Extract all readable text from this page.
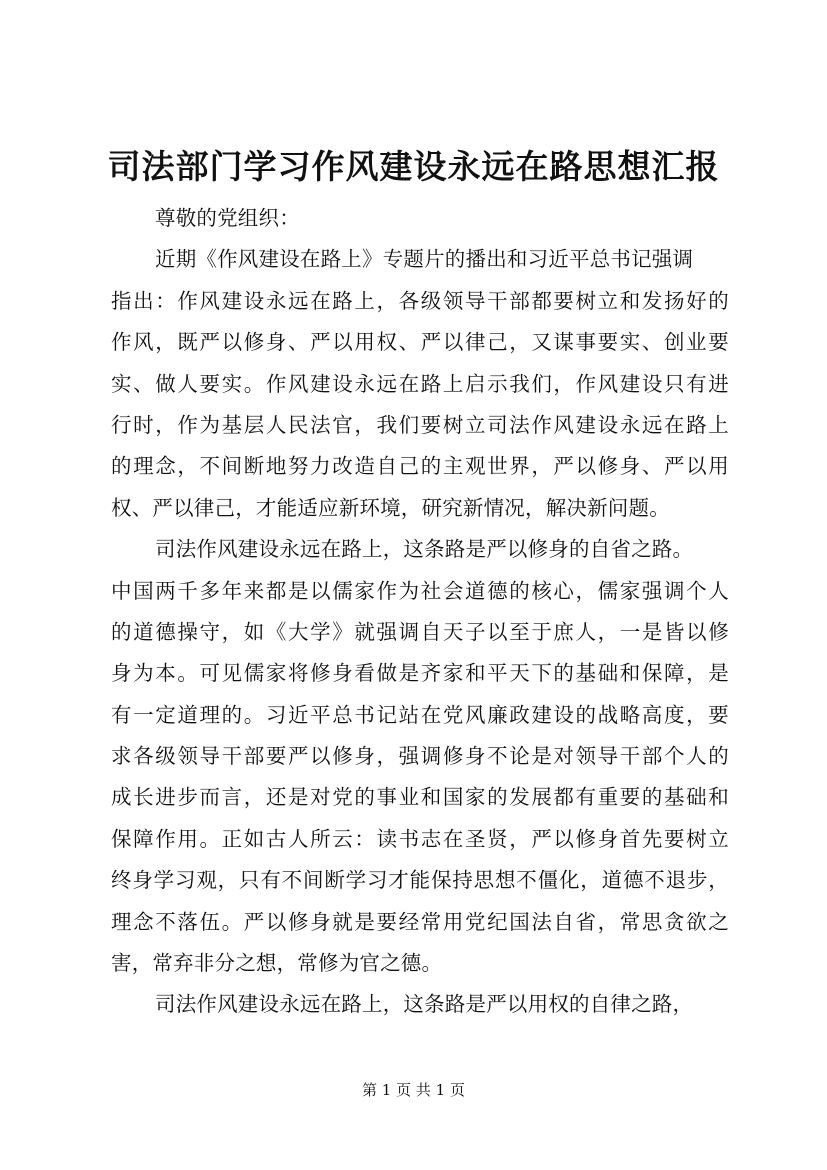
司法部门学习作风建设永远在路思想汇报
尊敬的党组织：
近期《作风建设在路上》专题片的播出和习近平总书记强调
指出：作风建设永远在路上，各级领导干部都要树立和发扬好的
作风，既严以修身、严以用权、严以律己，又谋事要实、创业要
实、做人要实。作风建设永远在路上启示我们，作风建设只有进
行时，作为基层人民法官，我们要树立司法作风建设永远在路上
的理念，不间断地努力改造自己的主观世界，严以修身、严以用
权、严以律己，才能适应新环境，研究新情况，解决新问题。
司法作风建设永远在路上，这条路是严以修身的自省之路。
中国两千多年来都是以儒家作为社会道德的核心，儒家强调个人
的道德操守，如《大学》就强调自天子以至于庶人，一是皆以修
身为本。可见儒家将修身看做是齐家和平天下的基础和保障，是
有一定道理的。习近平总书记站在党风廉政建设的战略高度，要
求各级领导干部要严以修身，强调修身不论是对领导干部个人的
成长进步而言，还是对党的事业和国家的发展都有重要的基础和
保障作用。正如古人所云：读书志在圣贤，严以修身首先要树立
终身学习观，只有不间断学习才能保持思想不僵化，道德不退步，
理念不落伍。严以修身就是要经常用党纪国法自省，常思贪欲之
害，常弃非分之想，常修为官之德。
司法作风建设永远在路上，这条路是严以用权的自律之路，
第 1 页 共 1 页
